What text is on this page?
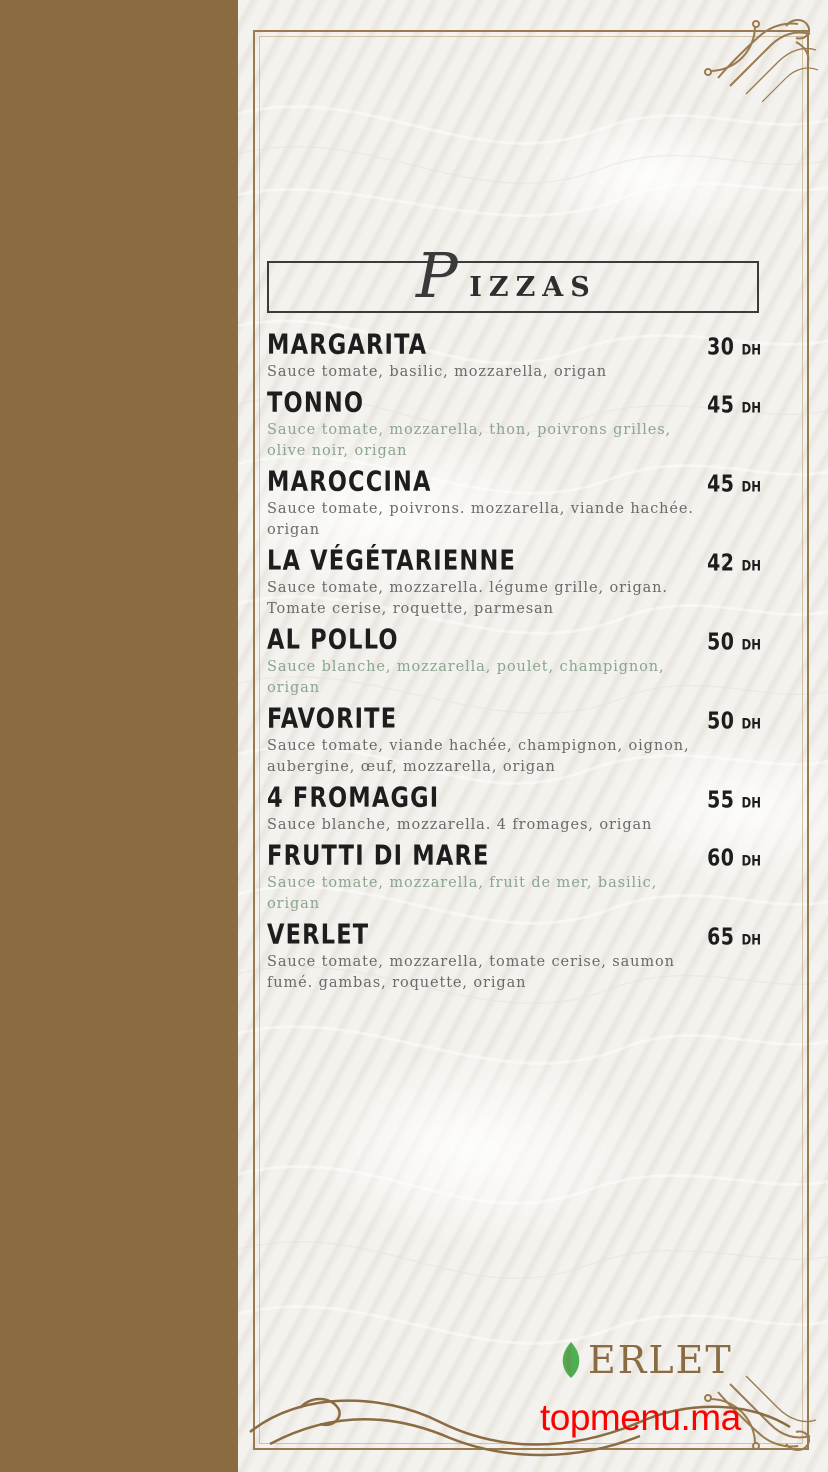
IZZAS
P
MARGARITA	30 DH
Sauce tomate, basilic, mozzarella, origan
TONNO	45 DH
Sauce tomate, mozzarella, thon, poivrons grilles, olive noir, origan
MAROCCINA	45 DH
Sauce tomate, poivrons. mozzarella, viande hachée. origan
LA VÉGÉTARIENNE	42 DH
Sauce tomate, mozzarella. légume grille, origan. Tomate cerise, roquette, parmesan
AL POLLO	50 DH
Sauce blanche, mozzarella, poulet, champignon, origan
FAVORITE	50 DH
Sauce tomate, viande hachée, champignon, oignon, aubergine, œuf, mozzarella, origan
4 FROMAGGI	55 DH
Sauce blanche, mozzarella. 4 fromages, origan
FRUTTI DI MARE	60 DH
Sauce tomate, mozzarella, fruit de mer, basilic, origan
VERLET	65 DH
Sauce tomate, mozzarella, tomate cerise, saumon fumé. gambas, roquette, origan
ERLET
topmenu.ma
